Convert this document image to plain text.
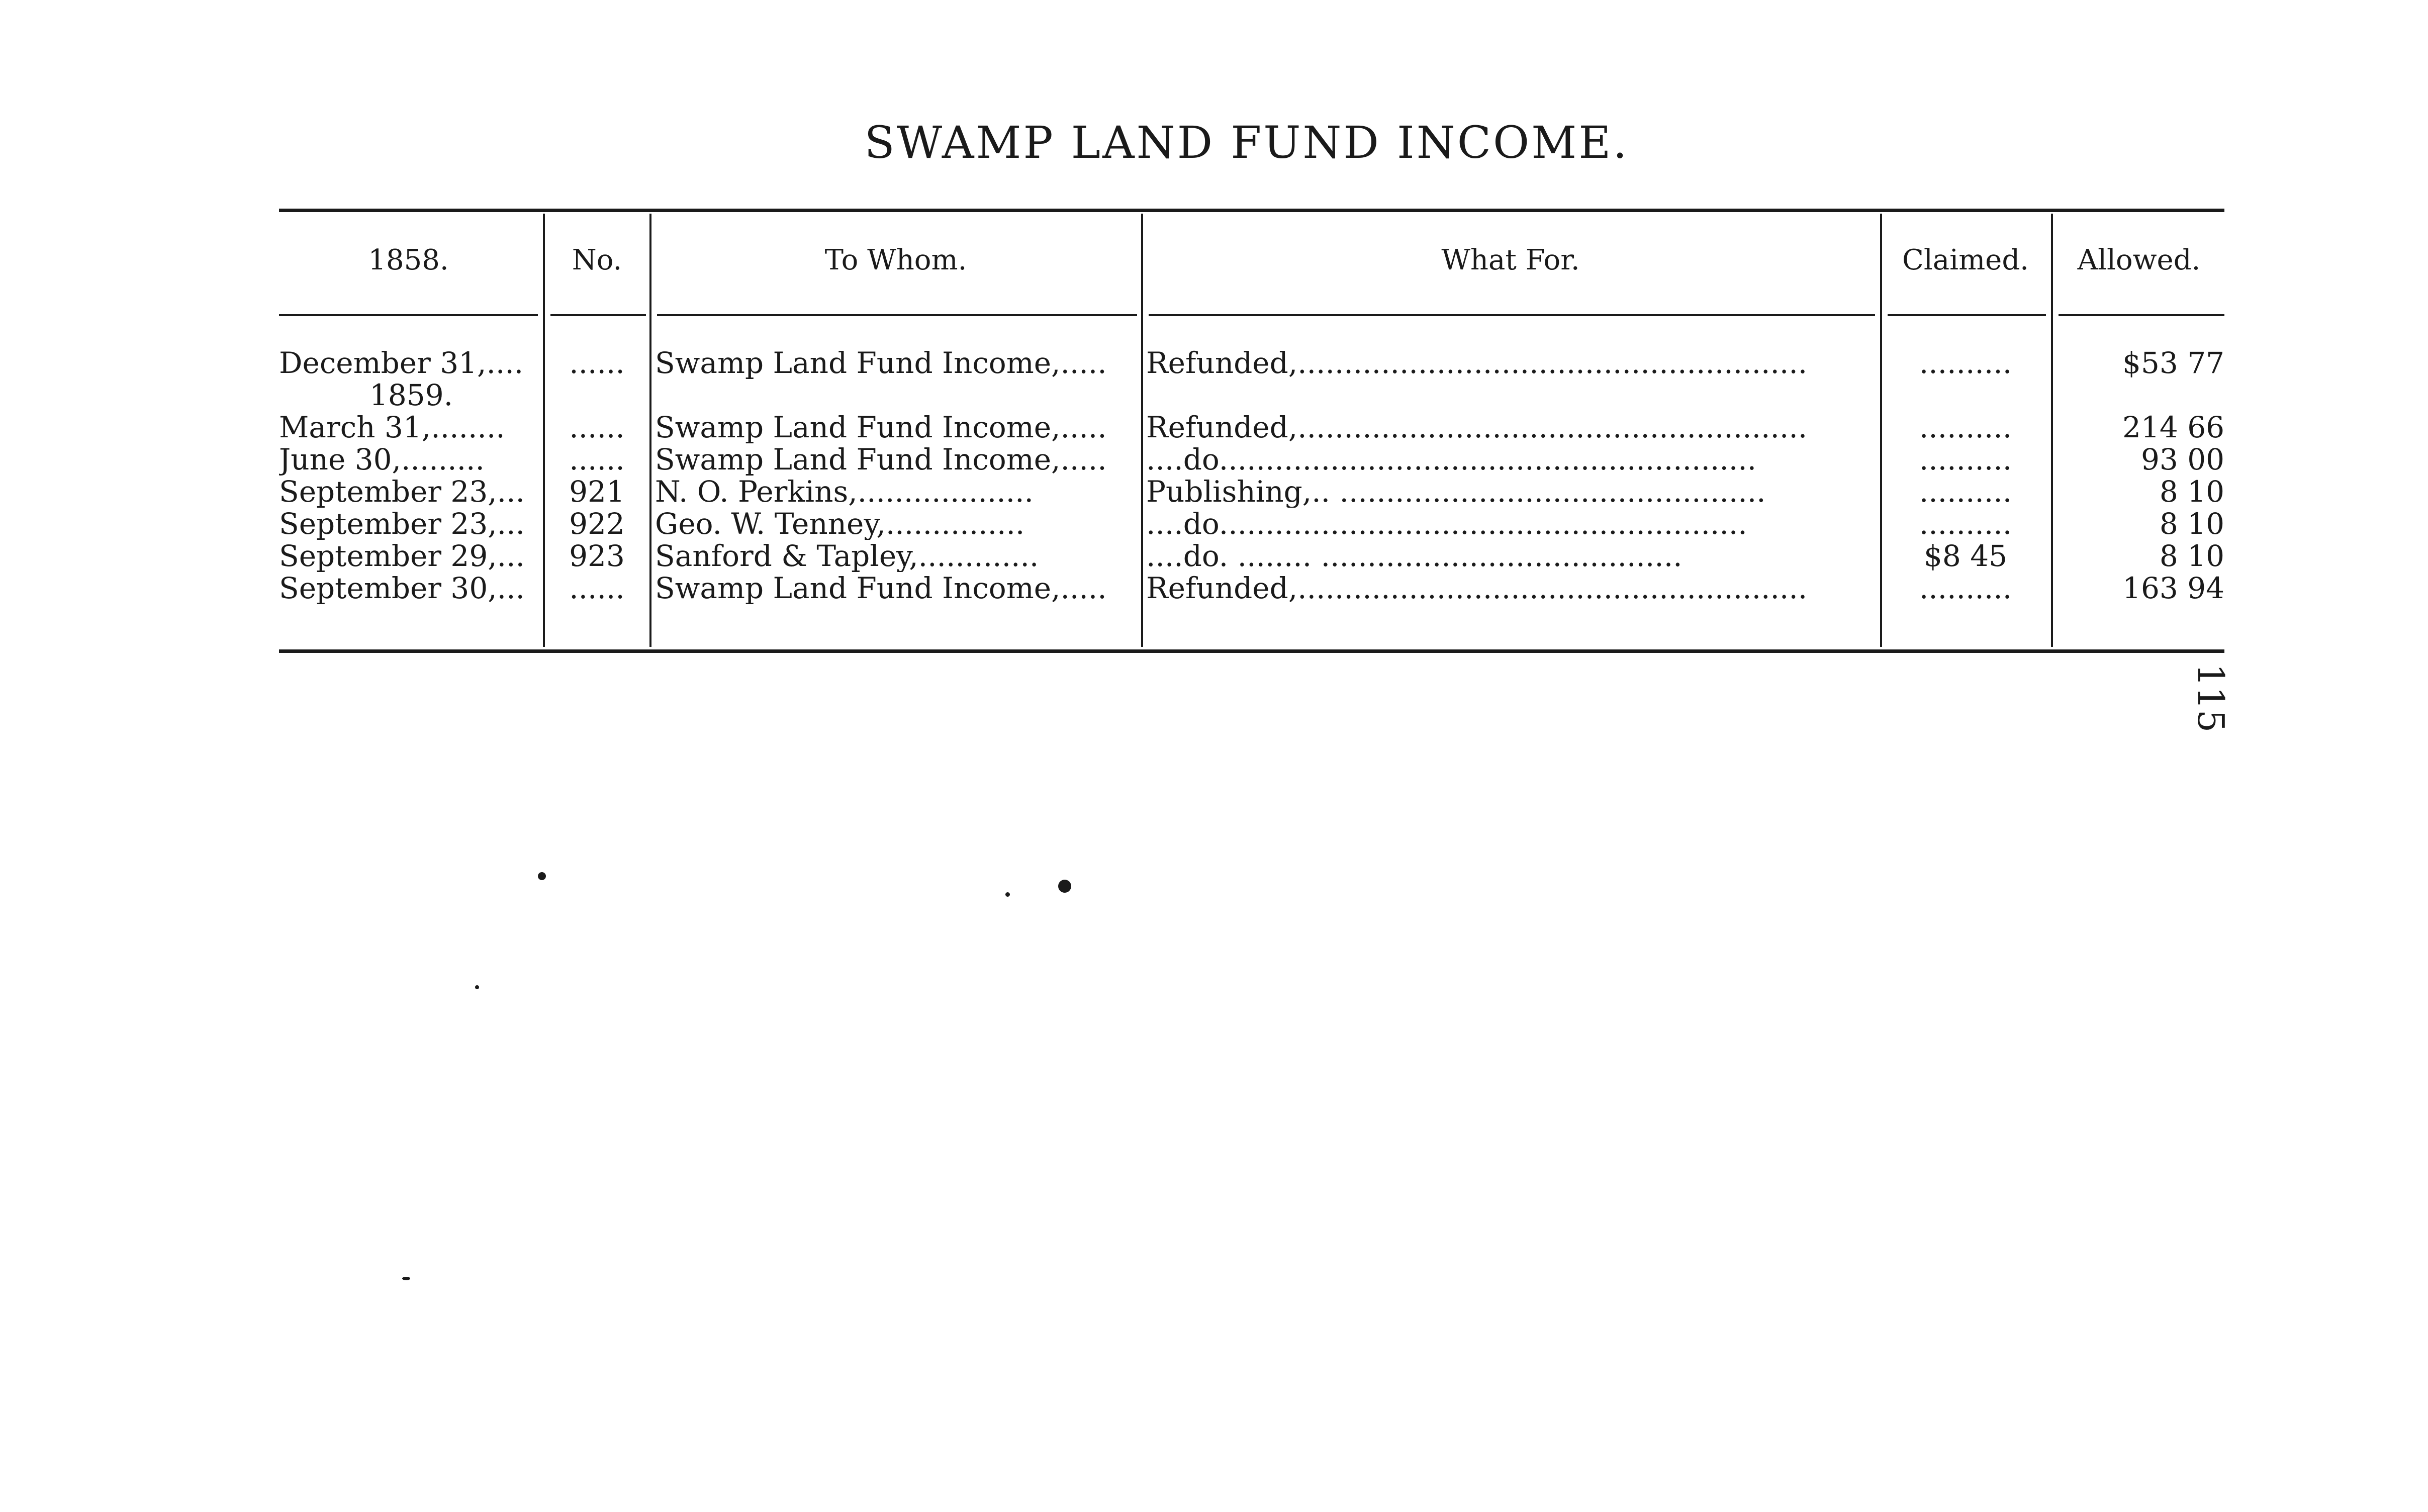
SWAMP LAND FUND INCOME.
1858.	No.	To Whom.	What For.	Claimed.	Allowed.
December 31,....	......	Swamp Land Fund Income,.....	Refunded,.......................................................	..........	$53 77
1859.
March 31,........	......	Swamp Land Fund Income,.....	Refunded,.......................................................	..........	214 66
June 30,.........	......	Swamp Land Fund Income,.....	....do..........................................................	..........	93 00
September 23,...	921	N. O. Perkins,...................	Publishing,.. ..............................................	..........	8 10
September 23,...	922	Geo. W. Tenney,...............	....do.........................................................	..........	8 10
September 29,...	923	Sanford & Tapley,.............	....do. ........ .......................................	$8 45	8 10
September 30,...	......	Swamp Land Fund Income,.....	Refunded,.......................................................	..........	163 94
115
